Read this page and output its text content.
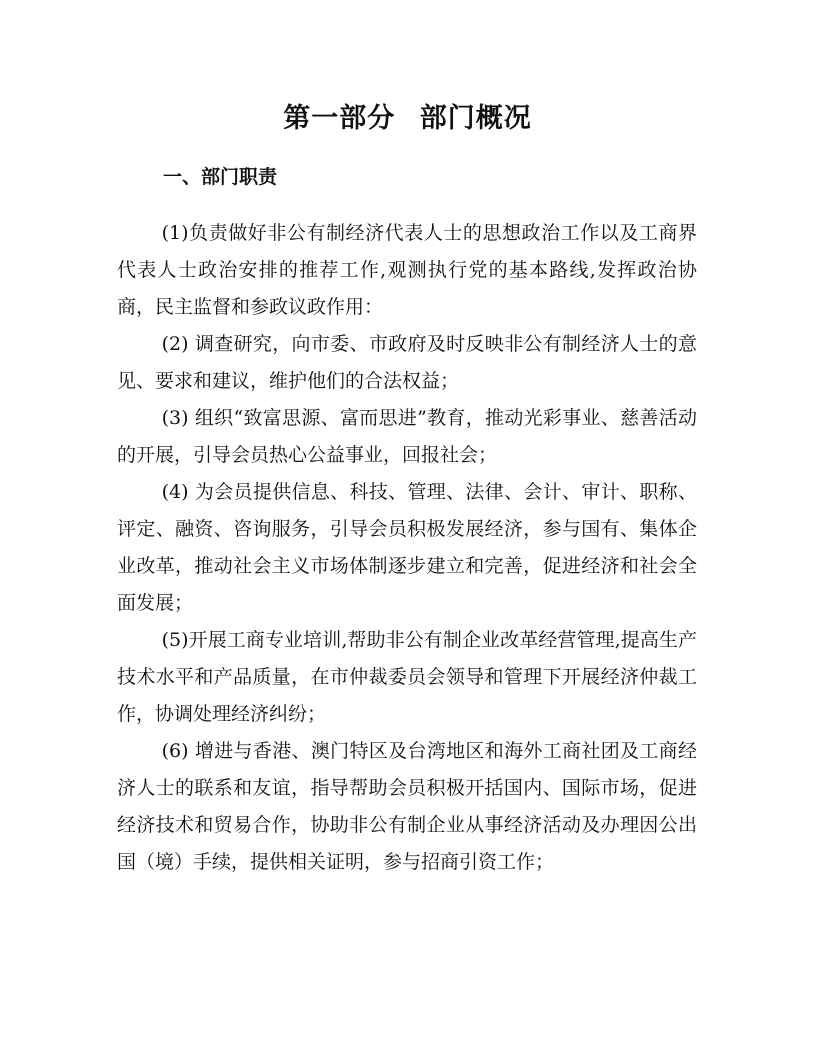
第一部分 部门概况
一、部门职责

(1)负责做好非公有制经济代表人士的思想政治工作以及工商界代表人士政治安排的推荐工作,观测执行党的基本路线,发挥政治协商，民主监督和参政议政作用：

(2) 调查研究，向市委、市政府及时反映非公有制经济人士的意见、要求和建议，维护他们的合法权益；

(3) 组织“致富思源、富而思进”教育，推动光彩事业、慈善活动的开展，引导会员热心公益事业，回报社会；

(4) 为会员提供信息、科技、管理、法律、会计、审计、职称、评定、融资、咨询服务，引导会员积极发展经济，参与国有、集体企业改革，推动社会主义市场体制逐步建立和完善，促进经济和社会全面发展；

(5)开展工商专业培训,帮助非公有制企业改革经营管理,提高生产技术水平和产品质量，在市仲裁委员会领导和管理下开展经济仲裁工作，协调处理经济纠纷；

(6) 增进与香港、澳门特区及台湾地区和海外工商社团及工商经济人士的联系和友谊，指导帮助会员积极开括国内、国际市场，促进经济技术和贸易合作，协助非公有制企业从事经济活动及办理因公出国（境）手续，提供相关证明，参与招商引资工作；
